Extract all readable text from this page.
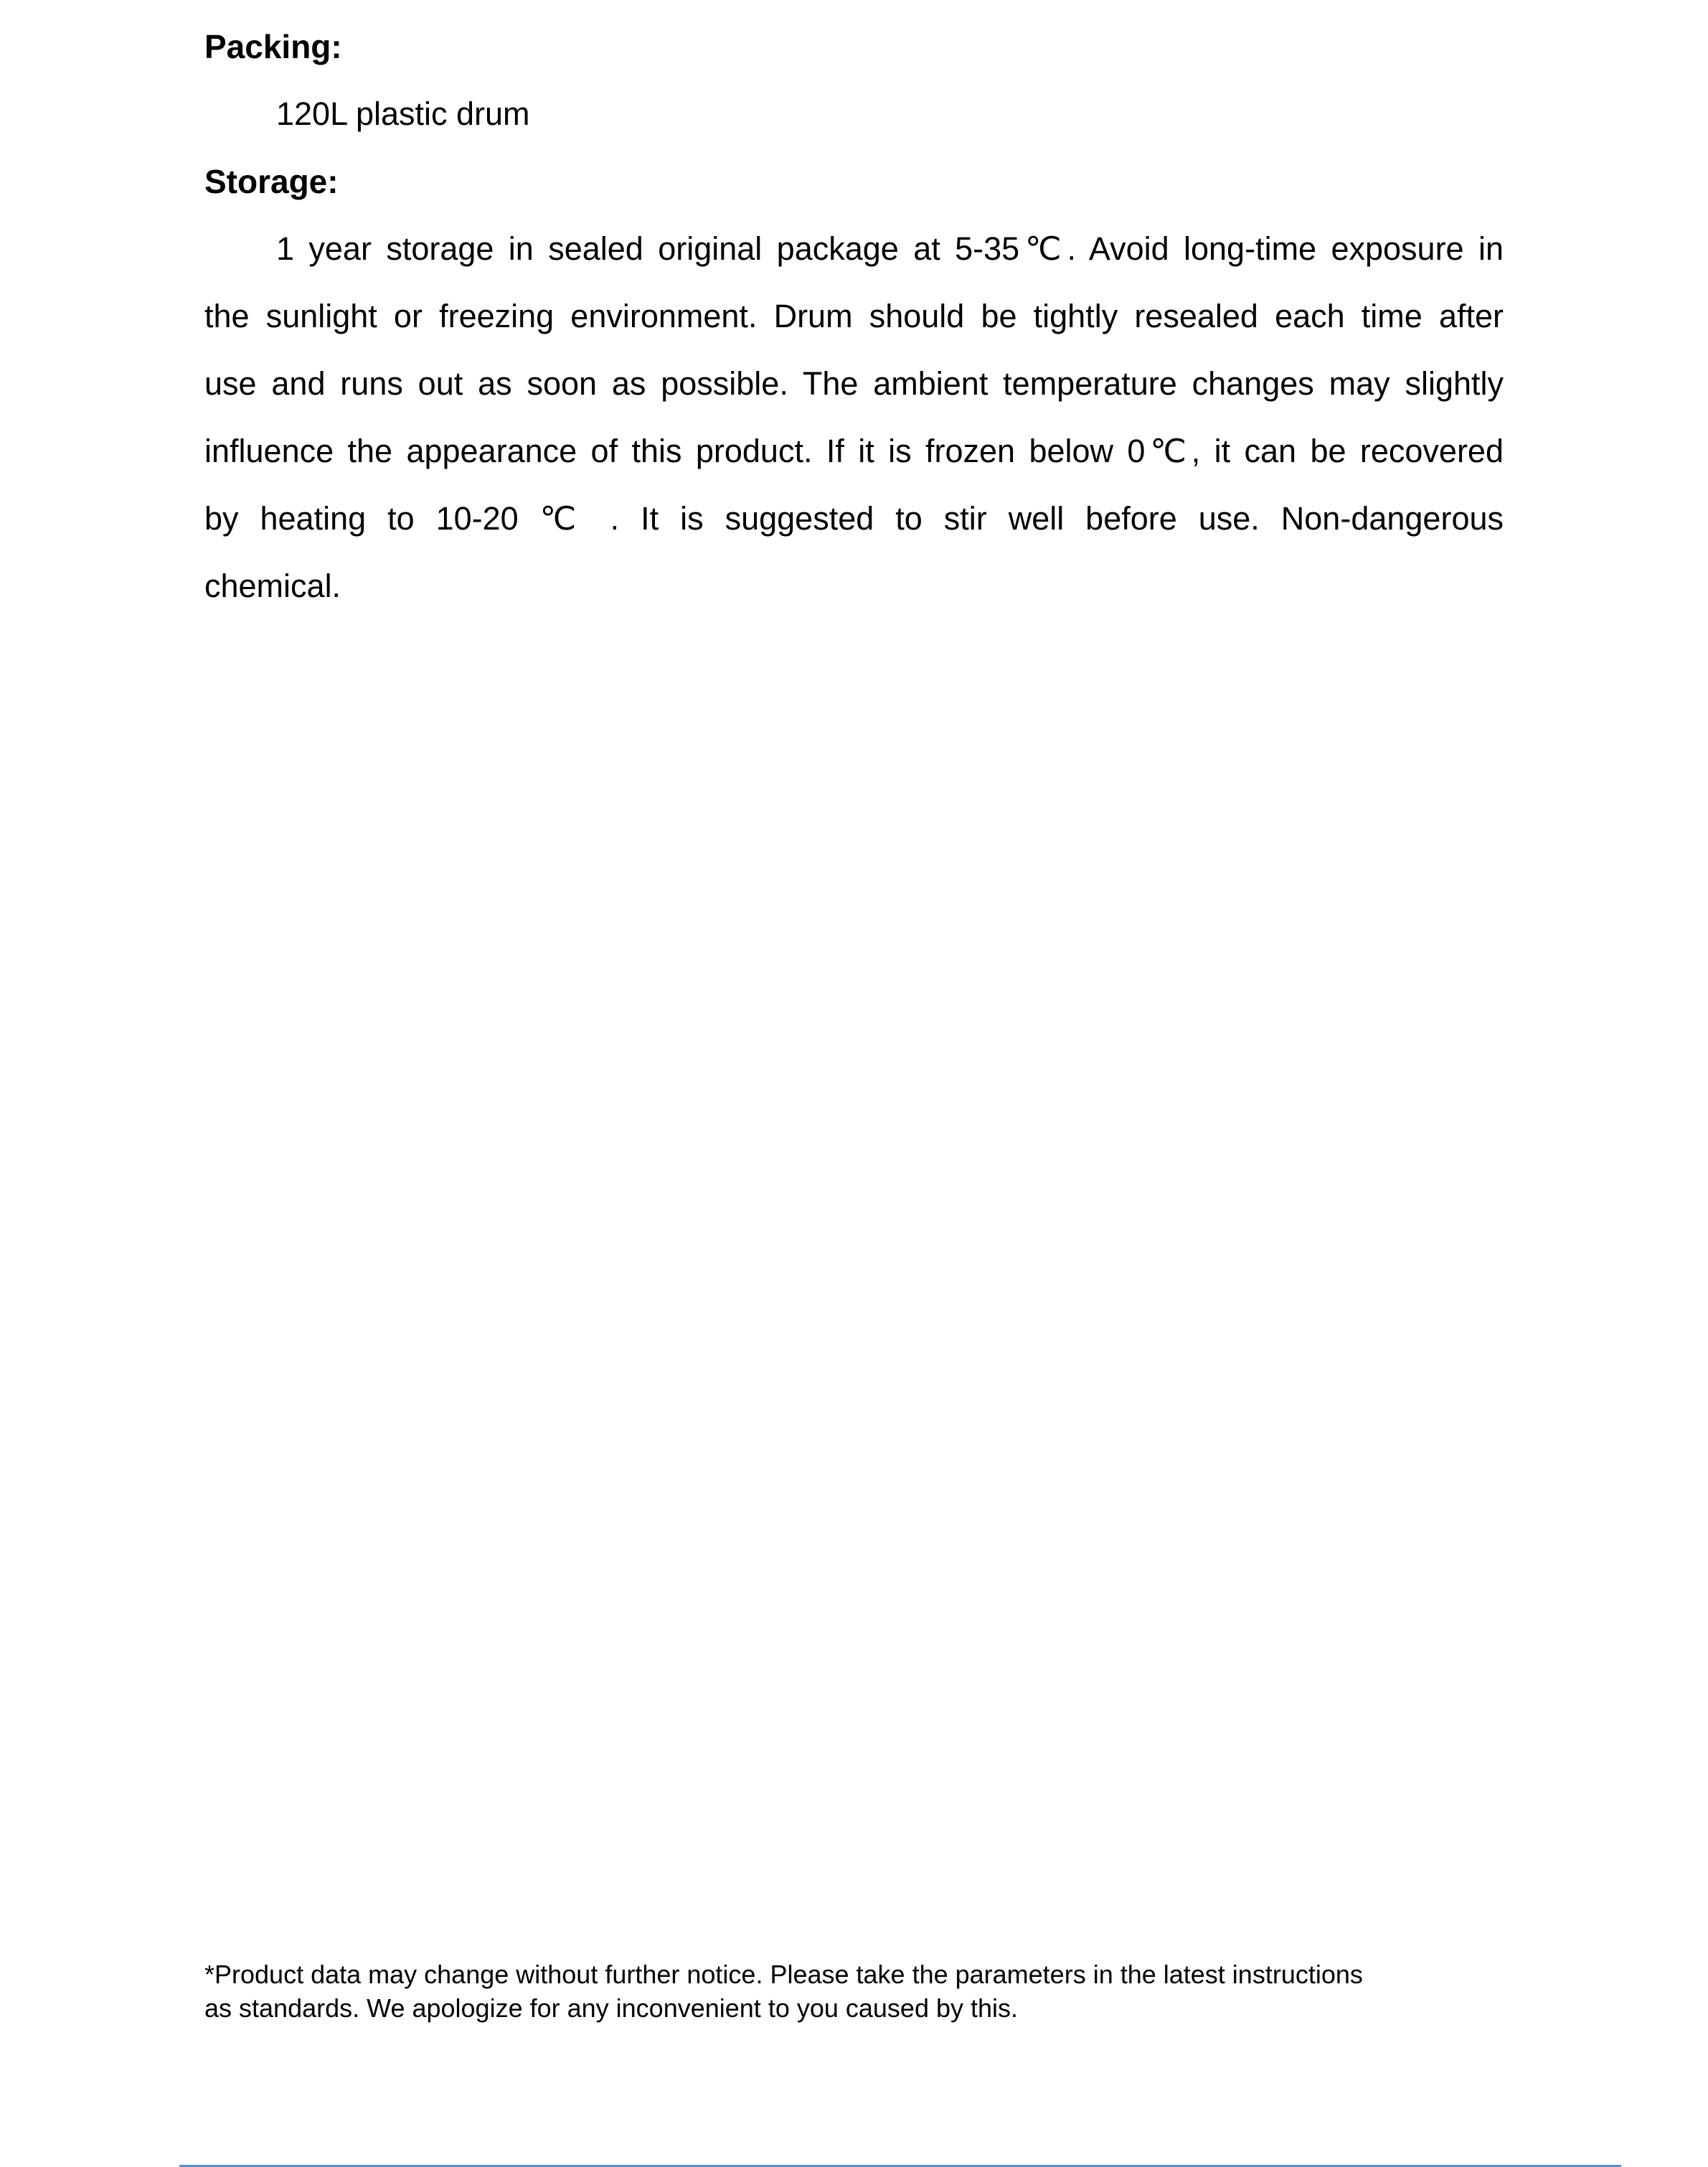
Packing:
120L plastic drum
Storage:
1 year storage in sealed original package at 5-35℃. Avoid long-time exposure in
the sunlight or freezing environment. Drum should be tightly resealed each time after
use and runs out as soon as possible. The ambient temperature changes may slightly
influence the appearance of this product. If it is frozen below 0℃, it can be recovered
by heating to 10-20 ℃ . It is suggested to stir well before use. Non-dangerous
chemical.
*Product data may change without further notice. Please take the parameters in the latest instructions
as standards. We apologize for any inconvenient to you caused by this.
